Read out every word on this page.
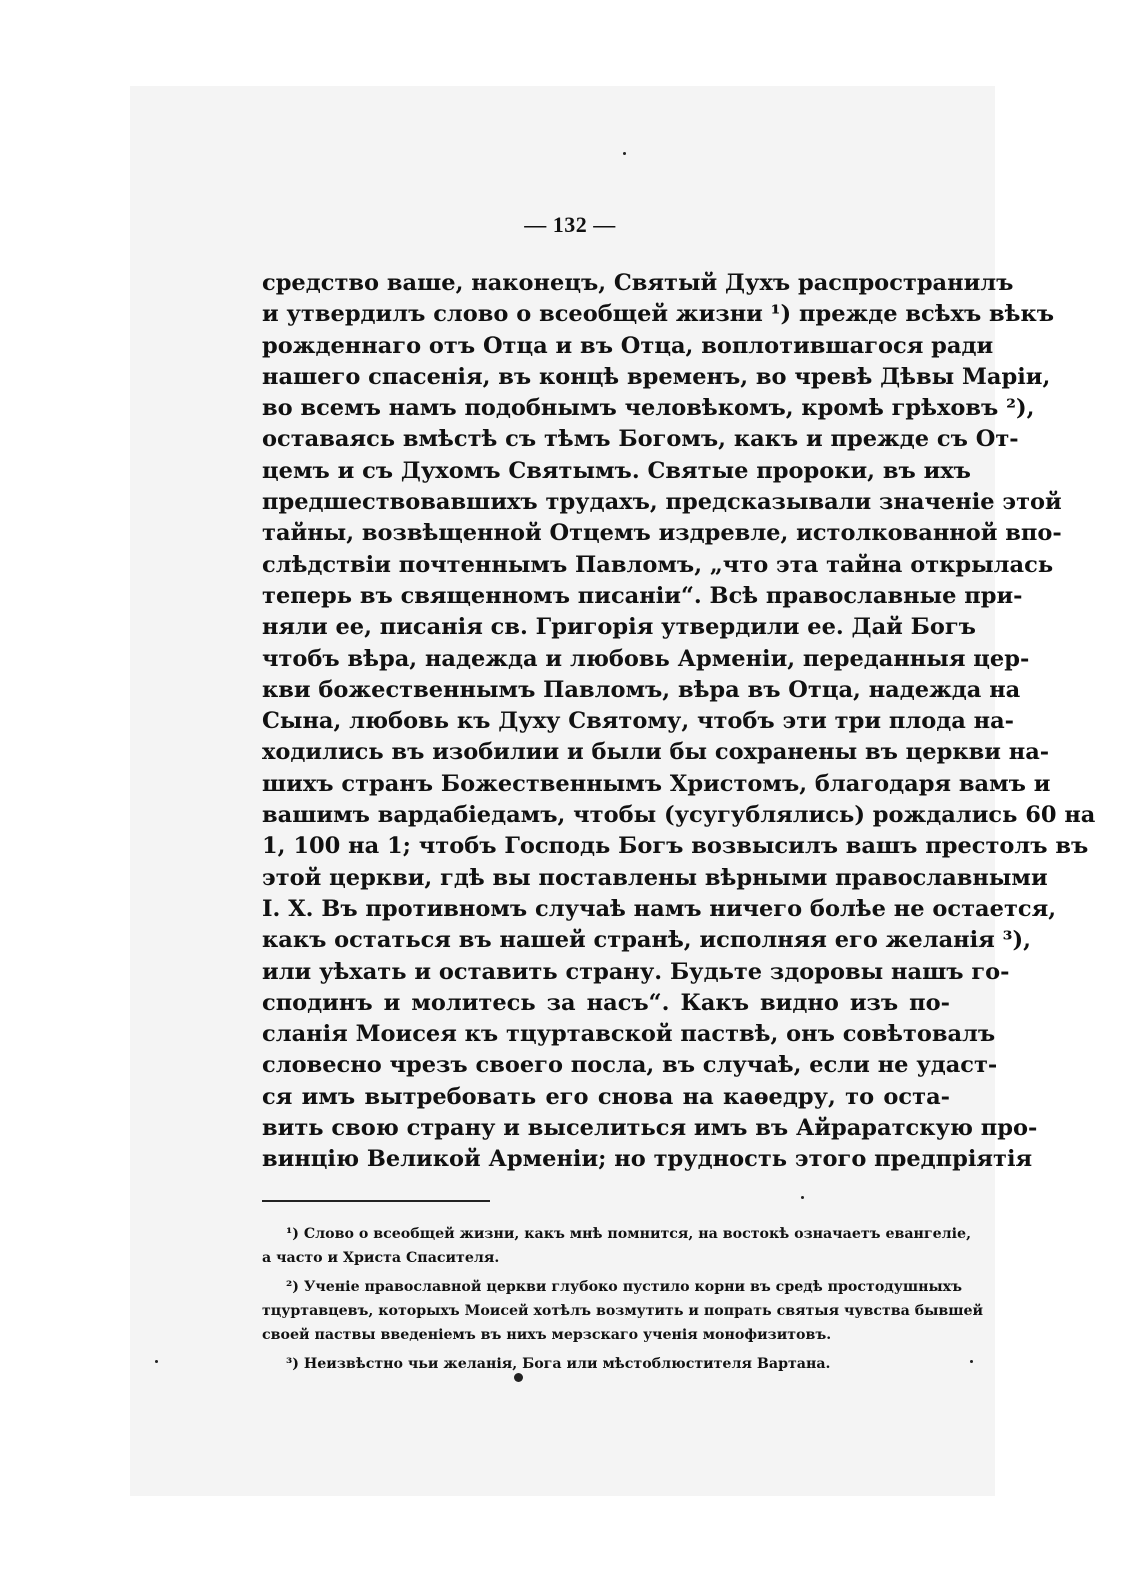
— 132 —
средство ваше, наконецъ, Святый Духъ распространилъ
и утвердилъ слово о всеобщей жизни ¹) прежде всѣхъ вѣкъ
рожденнаго отъ Отца и въ Отца, воплотившагося ради
нашего спасенія, въ концѣ временъ, во чревѣ Дѣвы Маріи,
во всемъ намъ подобнымъ человѣкомъ, кромѣ грѣховъ ²),
оставаясь вмѣстѣ съ тѣмъ Богомъ, какъ и прежде съ От-
цемъ и съ Духомъ Святымъ. Святые пророки, въ ихъ
предшествовавшихъ трудахъ, предсказывали значеніе этой
тайны, возвѣщенной Отцемъ издревле, истолкованной впо-
слѣдствіи почтеннымъ Павломъ, „что эта тайна открылась
теперь въ священномъ писаніи“. Всѣ православные при-
няли ее, писанія св. Григорія утвердили ее. Дай Богъ
чтобъ вѣра, надежда и любовь Арменіи, переданныя цер-
кви божественнымъ Павломъ, вѣра въ Отца, надежда на
Сына, любовь къ Духу Святому, чтобъ эти три плода на-
ходились въ изобилии и были бы сохранены въ церкви на-
шихъ странъ Божественнымъ Христомъ, благодаря вамъ и
вашимъ вардабіедамъ, чтобы (усугублялись) рождались 60 на
1, 100 на 1; чтобъ Господь Богъ возвысилъ вашъ престолъ въ
этой церкви, гдѣ вы поставлены вѣрными православными
І. Х. Въ противномъ случаѣ намъ ничего болѣе не остается,
какъ остаться въ нашей странѣ, исполняя его желанія ³),
или уѣхать и оставить страну. Будьте здоровы нашъ го-
сподинъ и молитесь за насъ“. Какъ видно изъ по-
сланія Моисея къ тцуртавской паствѣ, онъ совѣтовалъ
словесно чрезъ своего посла, въ случаѣ, если не удаст-
ся имъ вытребовать его снова на каѳедру, то оста-
вить свою страну и выселиться имъ въ Айраратскую про-
винцію Великой Арменіи; но трудность этого предпріятія
¹) Слово о всеобщей жизни, какъ мнѣ помнится, на востокѣ означаетъ евангеліе,
а часто и Христа Спасителя.
²) Ученіе православной церкви глубоко пустило корни въ средѣ простодушныхъ
тцуртавцевъ, которыхъ Моисей хотѣлъ возмутить и попрать святыя чувства бывшей
своей паствы введеніемъ въ нихъ мерзскаго ученія монофизитовъ.
³) Неизвѣстно чьи желанія, Бога или мѣстоблюстителя Вартана.
